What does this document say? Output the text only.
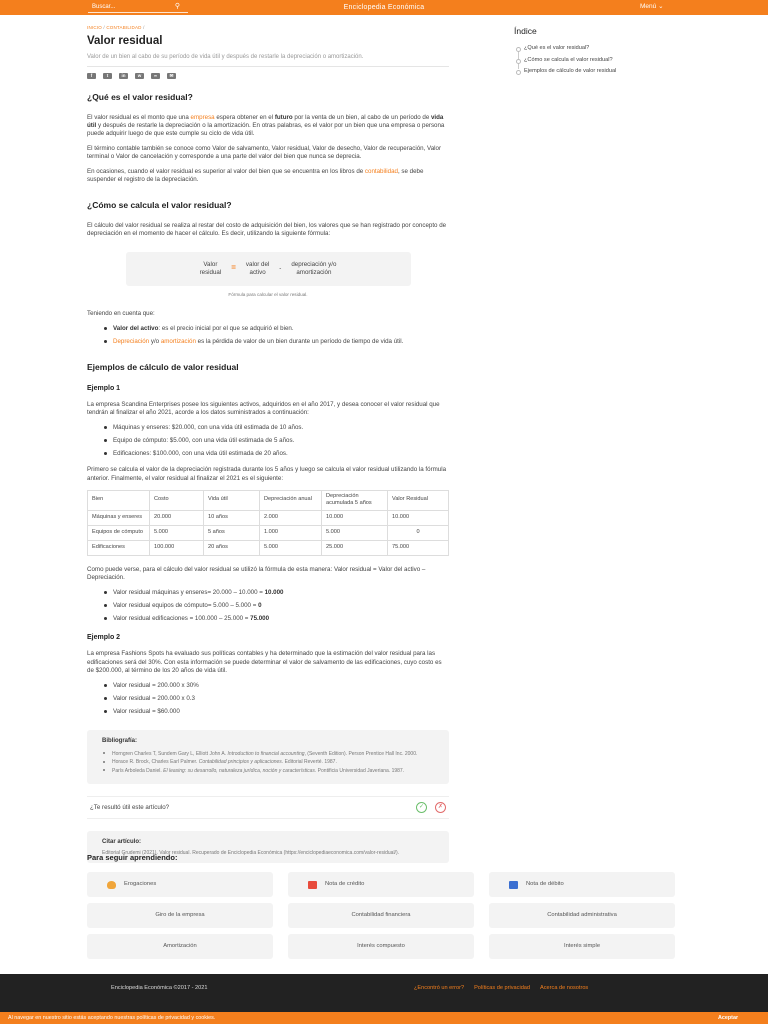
Buscar...	⚲	Enciclopedia Económica	Menú ⌄
INICIO / CONTABILIDAD /
Valor residual
Valor de un bien al cabo de su período de vida útil y después de restarle la depreciación o amortización.
f	t	in	w	∞	✉
¿Qué es el valor residual?

El valor residual es el monto que una empresa espera obtener en el futuro por la venta de un bien, al cabo de un período de vida útil y después de restarle la depreciación o la amortización. En otras palabras, es el valor por un bien que una empresa o persona puede adquirir luego de que este cumple su ciclo de vida útil.

El término contable también se conoce como Valor de salvamento, Valor residual, Valor de desecho, Valor de recuperación, Valor terminal o Valor de cancelación y corresponde a una parte del valor del bien que nunca se deprecia.

En ocasiones, cuando el valor residual es superior al valor del bien que se encuentra en los libros de contabilidad, se debe suspender el registro de la depreciación.

¿Cómo se calcula el valor residual?

El cálculo del valor residual se realiza al restar del costo de adquisición del bien, los valores que se han registrado por concepto de depreciación en el momento de hacer el cálculo. Es decir, utilizando la siguiente fórmula:

Valor
residual = valor del
activo
- depreciación y/o
amortización
Fórmula para calcular el valor residual.

Teniendo en cuenta que:

Valor del activo: es el precio inicial por el que se adquirió el bien.
Depreciación y/o amortización es la pérdida de valor de un bien durante un período de tiempo de vida útil.
Ejemplos de cálculo de valor residual
Ejemplo 1

La empresa Scandina Enterprises posee los siguientes activos, adquiridos en el año 2017, y desea conocer el valor residual que tendrán al finalizar el año 2021, acorde a los datos suministrados a continuación:

Máquinas y enseres: $20.000, con una vida útil estimada de 10 años.
Equipo de cómputo: $5.000, con una vida útil estimada de 5 años.
Edificaciones: $100.000, con una vida útil estimada de 20 años.

Primero se calcula el valor de la depreciación registrada durante los 5 años y luego se calcula el valor residual utilizando la fórmula anterior. Finalmente, el valor residual al finalizar el 2021 es el siguiente:

Bien	Costo	Vida útil	Depreciación anual	Depreciación acumulada 5 años	Valor Residual
Máquinas y enseres	20.000	10 años	2.000	10.000	10.000
Equipos de cómputo	5.000	5 años	1.000	5.000	0
Edificaciones	100.000	20 años	5.000	25.000	75.000

Como puede verse, para el cálculo del valor residual se utilizó la fórmula de esta manera: Valor residual = Valor del activo – Depreciación.

Valor residual máquinas y enseres= 20.000 – 10.000 = 10.000
Valor residual equipos de cómputo= 5.000 – 5.000 = 0
Valor residual edificaciones = 100.000 – 25.000 = 75.000
Ejemplo 2

La empresa Fashions Spots ha evaluado sus políticas contables y ha determinado que la estimación del valor residual para las edificaciones será del 30%. Con esta información se puede determinar el valor de salvamento de las edificaciones, cuyo costo es de $200.000, al término de los 20 años de vida útil.

Valor residual = 200.000 x 30%
Valor residual = 200.000 x 0.3
Valor residual = $60.000
Bibliografía:
Horngren Charles T, Sundem Gary L, Elliott John A. Introduction to financial accounting, (Seventh Edition). Person Prentice Hall Inc. 2000.
Horace R. Brock, Charles Earl Palmer. Contabilidad principios y aplicaciones. Editorial Reverté. 1987.
París Arboleda Daniel. El leasing: su desarrollo, naturaleza jurídica, noción y características. Pontificia Universidad Javeriana. 1987.
¿Te resultó útil este artículo?	✓	✗
Citar artículo:

Editorial Grudemi (2021). Valor residual. Recuperado de Enciclopedia Económica (https://enciclopediaeconomica.com/valor-residual/).

Para seguir aprendiendo:
Erogaciones	Nota de crédito	Nota de débito
Giro de la empresa	Contabilidad financiera	Contabilidad administrativa
Amortización	Interés compuesto	Interés simple
Índice
¿Qué es el valor residual?
¿Cómo se calcula el valor residual?
Ejemplos de cálculo de valor residual
Enciclopedia Económica ©2017 - 2021	¿Encontró un error? Políticas de privacidad Acerca de nosotros
Al navegar en nuestro sitio estás aceptando nuestras políticas de privacidad y cookies.	Aceptar
